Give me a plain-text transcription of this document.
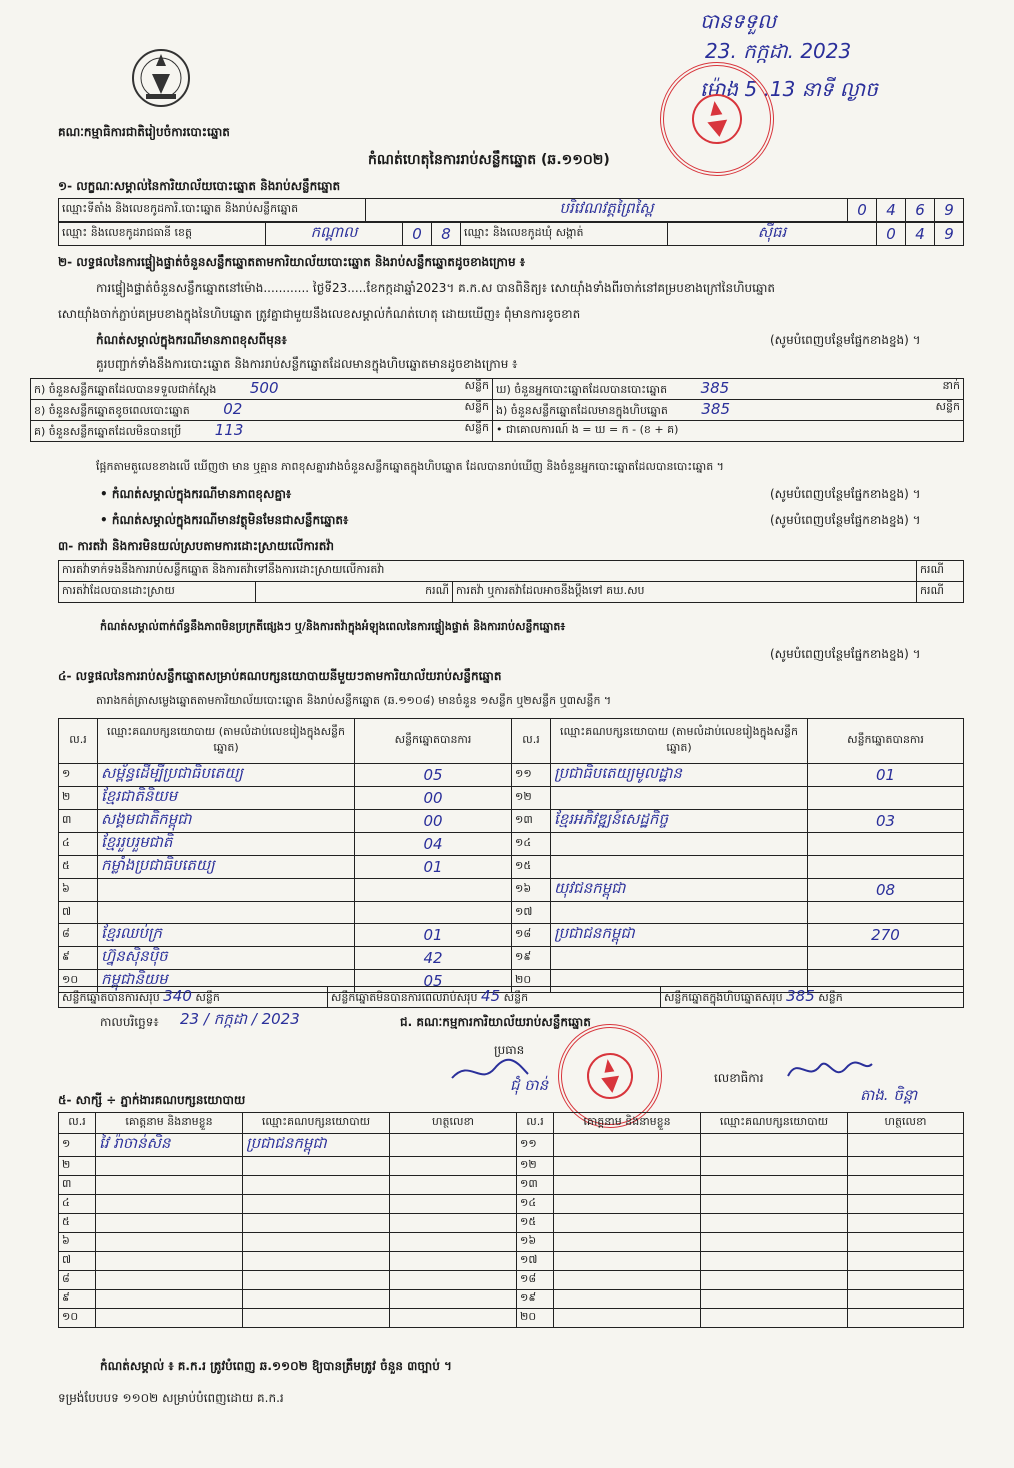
បានទទួល
23. កក្កដា. 2023
ម៉ោង 5 .13 នាទី ល្ងាច
គណៈកម្មាធិការជាតិរៀបចំការបោះឆ្នោត
កំណត់ហេតុនៃការរាប់សន្លឹកឆ្នោត (ឆ.១១០២)
១- លក្ខណៈសម្គាល់នៃការិយាល័យបោះឆ្នោត និងរាប់សន្លឹកឆ្នោត
ឈ្មោះទីតាំង និងលេខកូដការិ.បោះឆ្នោត និងរាប់សន្លឹកឆ្នោត	បរិវេណវត្តព្រៃស្ពៃ	0	4	6	9
ឈ្មោះ និងលេខកូដរាជធានី ខេត្ត	កណ្ដាល	0	8	ឈ្មោះ និងលេខកូដឃុំ សង្កាត់	ស៊ីធរ	0	4	9
២- លទ្ធផលនៃការផ្ទៀងផ្ទាត់ចំនួនសន្លឹកឆ្នោតតាមការិយាល័យបោះឆ្នោត និងរាប់សន្លឹកឆ្នោតដូចខាងក្រោម ៖
ការផ្ទៀងផ្ទាត់ចំនួនសន្លឹកឆ្នោតនៅម៉ោង............ ថ្ងៃទី23.....ខែកក្កដាឆ្នាំ2023។ គ.ក.ស បានពិនិត្យ៖ សោយ៉ាំងទាំងពីរចាក់នៅគម្របខាងក្រៅនៃហិបឆ្នោត
សោយ៉ាំងចាក់ភ្ជាប់គម្របខាងក្នុងនៃហិបឆ្នោត ត្រូវគ្នាជាមួយនឹងលេខសម្គាល់កំណត់ហេតុ ដោយឃើញ៖ ពុំមានការខូចខាត
កំណត់សម្គាល់ក្នុងករណីមានភាពខុសពីមុន៖	(សូមបំពេញបន្ថែមផ្នែកខាងខ្នង) ។
គួរបញ្ជាក់ទាំងនឹងការបោះឆ្នោត និងការរាប់សន្លឹកឆ្នោតដែលមានក្នុងហិបឆ្នោតមានដូចខាងក្រោម ៖
ក) ចំនួនសន្លឹកឆ្នោតដែលបានទទួលជាក់ស្ដែង 500 សន្លឹក	ឃ) ចំនួនអ្នកបោះឆ្នោតដែលបានបោះឆ្នោត 385 នាក់

ខ) ចំនួនសន្លឹកឆ្នោតខូចពេលបោះឆ្នោត 02 សន្លឹក	ង) ចំនួនសន្លឹកឆ្នោតដែលមានក្នុងហិបឆ្នោត 385 សន្លឹក

គ) ចំនួនសន្លឹកឆ្នោតដែលមិនបានប្រើ 113 សន្លឹក	• ជាគោលការណ៍ ង = ឃ = ក - (ខ + គ)
ផ្អែកតាមតួលេខខាងលើ ឃើញថា មាន ឬគ្មាន ភាពខុសគ្នារវាងចំនួនសន្លឹកឆ្នោតក្នុងហិបឆ្នោត ដែលបានរាប់ឃើញ និងចំនួនអ្នកបោះឆ្នោតដែលបានបោះឆ្នោត ។
• កំណត់សម្គាល់ក្នុងករណីមានភាពខុសគ្នា៖	(សូមបំពេញបន្ថែមផ្នែកខាងខ្នង) ។
• កំណត់សម្គាល់ក្នុងករណីមានវត្ថុមិនមែនជាសន្លឹកឆ្នោត៖	(សូមបំពេញបន្ថែមផ្នែកខាងខ្នង) ។
៣- ការតវ៉ា និងការមិនយល់ស្របតាមការដោះស្រាយលើការតវ៉ា
ការតវ៉ាទាក់ទងនឹងការរាប់សន្លឹកឆ្នោត និងការតវ៉ាទៅនឹងការដោះស្រាយលើការតវ៉ា			ករណី
ការតវ៉ាដែលបានដោះស្រាយ	ករណី	ការតវ៉ា ឬការតវ៉ាដែលអាចនឹងប្ដឹងទៅ គឃ.សប	ករណី
កំណត់សម្គាល់ពាក់ព័ន្ធនឹងភាពមិនប្រក្រតីផ្សេងៗ ឬ/និងការតវ៉ាក្នុងអំឡុងពេលនៃការផ្ទៀងផ្ទាត់ និងការរាប់សន្លឹកឆ្នោត៖
(សូមបំពេញបន្ថែមផ្នែកខាងខ្នង) ។
៤- លទ្ធផលនៃការរាប់សន្លឹកឆ្នោតសម្រាប់គណបក្សនយោបាយនីមួយៗតាមការិយាល័យរាប់សន្លឹកឆ្នោត
តារាងកត់ត្រាសម្លេងឆ្នោតតាមការិយាល័យបោះឆ្នោត និងរាប់សន្លឹកឆ្នោត (ឆ.១១០៨) មានចំនួន ១សន្លឹក ឬ២សន្លឹក ឬ៣សន្លឹក ។
ល.រ	ឈ្មោះគណបក្សនយោបាយ (តាមលំដាប់លេខរៀងក្នុងសន្លឹកឆ្នោត)	សន្លឹកឆ្នោតបានការ	ល.រ	ឈ្មោះគណបក្សនយោបាយ (តាមលំដាប់លេខរៀងក្នុងសន្លឹកឆ្នោត)	សន្លឹកឆ្នោតបានការ
១	សម្ព័ន្ធដើម្បីប្រជាធិបតេយ្យ	05	១១	ប្រជាធិបតេយ្យមូលដ្ឋាន	01
២	ខ្មែរជាតិនិយម	00	១២		
៣	សង្គមជាតិកម្ពុជា	00	១៣	ខ្មែរអភិវឌ្ឍន៍សេដ្ឋកិច្ច	03
៤	ខ្មែររួបរួមជាតិ	04	១៤		
៥	កម្លាំងប្រជាធិបតេយ្យ	01	១៥		
៦			១៦	យុវជនកម្ពុជា	08
៧			១៧		
៨	ខ្មែរឈប់ក្រ	01	១៨	ប្រជាជនកម្ពុជា	270
៩	ហ្វ៊ុនស៊ិនប៉ិច	42	១៩		
១០	កម្ពុជានិយម	05	២០		
សន្លឹកឆ្នោតបានការសរុប 340 សន្លឹក	សន្លឹកឆ្នោតមិនបានការពេលរាប់សរុប 45 សន្លឹក	សន្លឹកឆ្នោតក្នុងហិបឆ្នោតសរុប 385 សន្លឹក
កាលបរិច្ឆេទ៖ 23 / កក្កដា / 2023	ជ. គណៈកម្មការការិយាល័យរាប់សន្លឹកឆ្នោត
ប្រធាន
ជុំ ចាន់	លេខាធិការ
តាង. ចិន្ដា
៥- សាក្សី ÷ ភ្នាក់ងារគណបក្សនយោបាយ
ល.រ	គោត្តនាម និងនាមខ្លួន	ឈ្មោះគណបក្សនយោបាយ	ហត្ថលេខា	ល.រ	គោត្តនាម និងនាមខ្លួន	ឈ្មោះគណបក្សនយោបាយ	ហត្ថលេខា
១	វៃ រ៉ាចាន់សិន	ប្រជាជនកម្ពុជា		១១			
២				១២			
៣				១៣			
៤				១៤			
៥				១៥			
៦				១៦			
៧				១៧			
៨				១៨			
៩				១៩			
១០				២០			
កំណត់សម្គាល់ ៖ គ.ក.រ ត្រូវបំពេញ ឆ.១១០២ ឱ្យបានត្រឹមត្រូវ ចំនួន ៣ច្បាប់ ។
ទម្រង់បែបបទ ១១០២ សម្រាប់បំពេញដោយ គ.ក.រ
